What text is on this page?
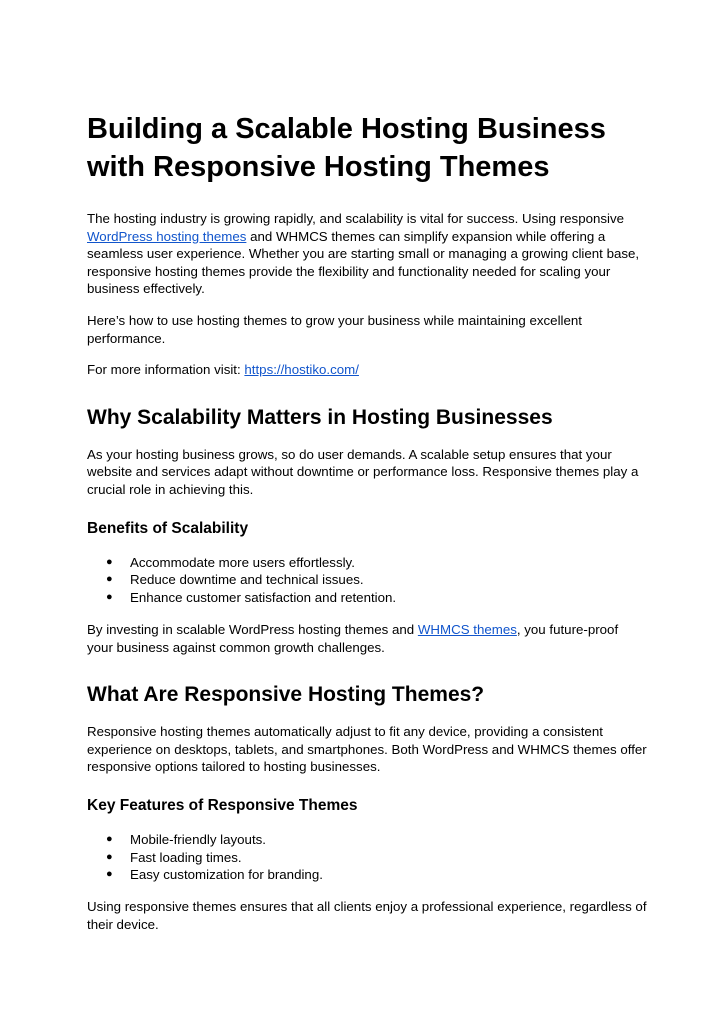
Building a Scalable Hosting Business with Responsive Hosting Themes

The hosting industry is growing rapidly, and scalability is vital for success. Using responsive WordPress hosting themes and WHMCS themes can simplify expansion while offering a seamless user experience. Whether you are starting small or managing a growing client base, responsive hosting themes provide the flexibility and functionality needed for scaling your business effectively.

Here’s how to use hosting themes to grow your business while maintaining excellent performance.

For more information visit: https://hostiko.com/

Why Scalability Matters in Hosting Businesses

As your hosting business grows, so do user demands. A scalable setup ensures that your website and services adapt without downtime or performance loss. Responsive themes play a crucial role in achieving this.

Benefits of Scalability
● Accommodate more users effortlessly.
● Reduce downtime and technical issues.
● Enhance customer satisfaction and retention.

By investing in scalable WordPress hosting themes and WHMCS themes, you future-proof your business against common growth challenges.

What Are Responsive Hosting Themes?

Responsive hosting themes automatically adjust to fit any device, providing a consistent experience on desktops, tablets, and smartphones. Both WordPress and WHMCS themes offer responsive options tailored to hosting businesses.

Key Features of Responsive Themes
● Mobile-friendly layouts.
● Fast loading times.
● Easy customization for branding.

Using responsive themes ensures that all clients enjoy a professional experience, regardless of their device.
